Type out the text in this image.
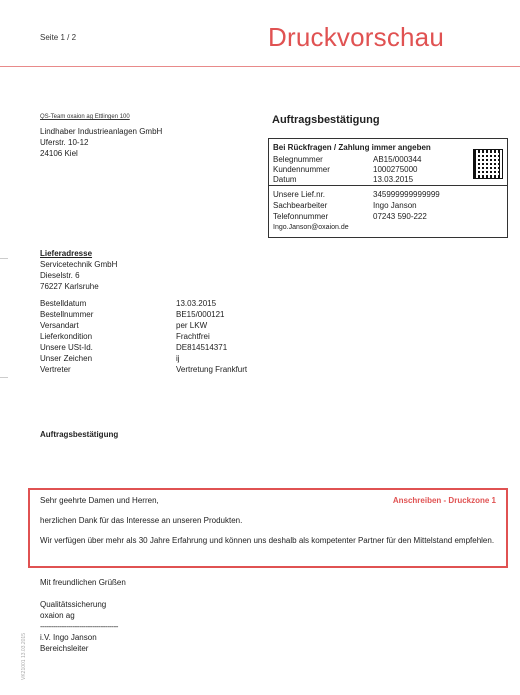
Seite 1 / 2	Druckvorschau
QS-Team oxaion ag Ettlingen 100
Lindhaber Industrieanlagen GmbH
Uferstr. 10-12
24106 Kiel
Auftragsbestätigung
Bei Rückfragen / Zahlung immer angeben
Belegnummer	AB15/000344
Kundennummer	1000275000
Datum	13.03.2015
Unsere Lief.nr.	345999999999999
Sachbearbeiter	Ingo Janson
Telefonnummer	07243 590-222
Ingo.Janson@oxaion.de
Lieferadresse
Servicetechnik GmbH
Dieselstr. 6
76227 Karlsruhe
Bestelldatum	13.03.2015
Bestellnummer	BE15/000121
Versandart	per LKW
Lieferkondition	Frachtfrei
Unsere USt-Id.	DE814514371
Unser Zeichen	ij
Vertreter	Vertretung Frankfurt
Auftragsbestätigung
Anschreiben - Druckzone 1

Sehr geehrte Damen und Herren,

herzlichen Dank für das Interesse an unseren Produkten.

Wir verfügen über mehr als 30 Jahre Erfahrung und können uns deshalb als kompetenter Partner für den Mittelstand empfehlen.

Mit freundlichen Grüßen
Qualitätssicherung
oxaion ag
------------------------------------
i.V. Ingo Janson
Bereichsleiter
VK21001 13.03.2015
